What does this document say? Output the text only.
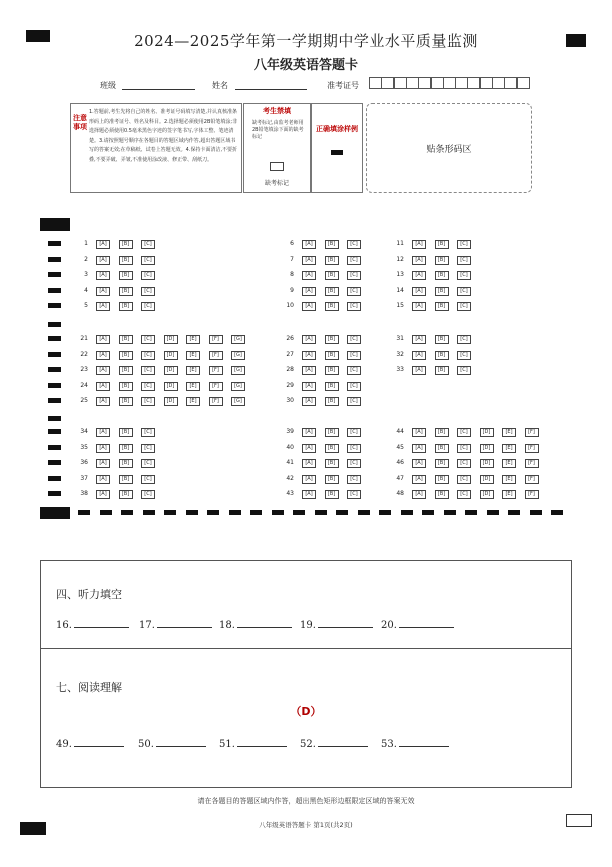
2024—2025学年第一学期期中学业水平质量监测
八年级英语答题卡
班级	姓名	准考证号
注意事项
1.答题前,考生先将自己的姓名、准考证号码填写清楚,并认真核准条形码上的准考证号、姓名及科目。2.选择题必须使用2B铅笔填涂;非选择题必须使用0.5毫米黑色字迹的签字笔书写,字体工整、笔迹清楚。3.请按照题号顺序在各题目的答题区域内作答,超出答题区域书写的答案无效;在草稿纸、试卷上答题无效。4.保持卡面清洁,不要折叠,不要弄破、弄皱,不准使用涂改液、修正带、刮纸刀。
考生禁填
缺考标记,由监考老师用2B铅笔填涂下面的缺考标记
缺考标记
正确填涂样例
贴条形码区
1	[A]	[B]	[C]
2	[A]	[B]	[C]
3	[A]	[B]	[C]
4	[A]	[B]	[C]
5	[A]	[B]	[C]
6	[A]	[B]	[C]
7	[A]	[B]	[C]
8	[A]	[B]	[C]
9	[A]	[B]	[C]
10	[A]	[B]	[C]
11	[A]	[B]	[C]
12	[A]	[B]	[C]
13	[A]	[B]	[C]
14	[A]	[B]	[C]
15	[A]	[B]	[C]
21	[A]	[B]	[C]	[D]	[E]	[F]	[G]
22	[A]	[B]	[C]	[D]	[E]	[F]	[G]
23	[A]	[B]	[C]	[D]	[E]	[F]	[G]
24	[A]	[B]	[C]	[D]	[E]	[F]	[G]
25	[A]	[B]	[C]	[D]	[E]	[F]	[G]
26	[A]	[B]	[C]
27	[A]	[B]	[C]
28	[A]	[B]	[C]
29	[A]	[B]	[C]
30	[A]	[B]	[C]
31	[A]	[B]	[C]
32	[A]	[B]	[C]
33	[A]	[B]	[C]
34	[A]	[B]	[C]
35	[A]	[B]	[C]
36	[A]	[B]	[C]
37	[A]	[B]	[C]
38	[A]	[B]	[C]
39	[A]	[B]	[C]
40	[A]	[B]	[C]
41	[A]	[B]	[C]
42	[A]	[B]	[C]
43	[A]	[B]	[C]
44	[A]	[B]	[C]	[D]	[E]	[F]
45	[A]	[B]	[C]	[D]	[E]	[F]
46	[A]	[B]	[C]	[D]	[E]	[F]
47	[A]	[B]	[C]	[D]	[E]	[F]
48	[A]	[B]	[C]	[D]	[E]	[F]
四、听力填空
16.	17.	18.	19.	20.
七、阅读理解
（D）
49.	50.	51.	52.	53.
请在各题目的答题区域内作答，超出黑色矩形边框限定区域的答案无效
八年级英语答题卡 第1页(共2页)
